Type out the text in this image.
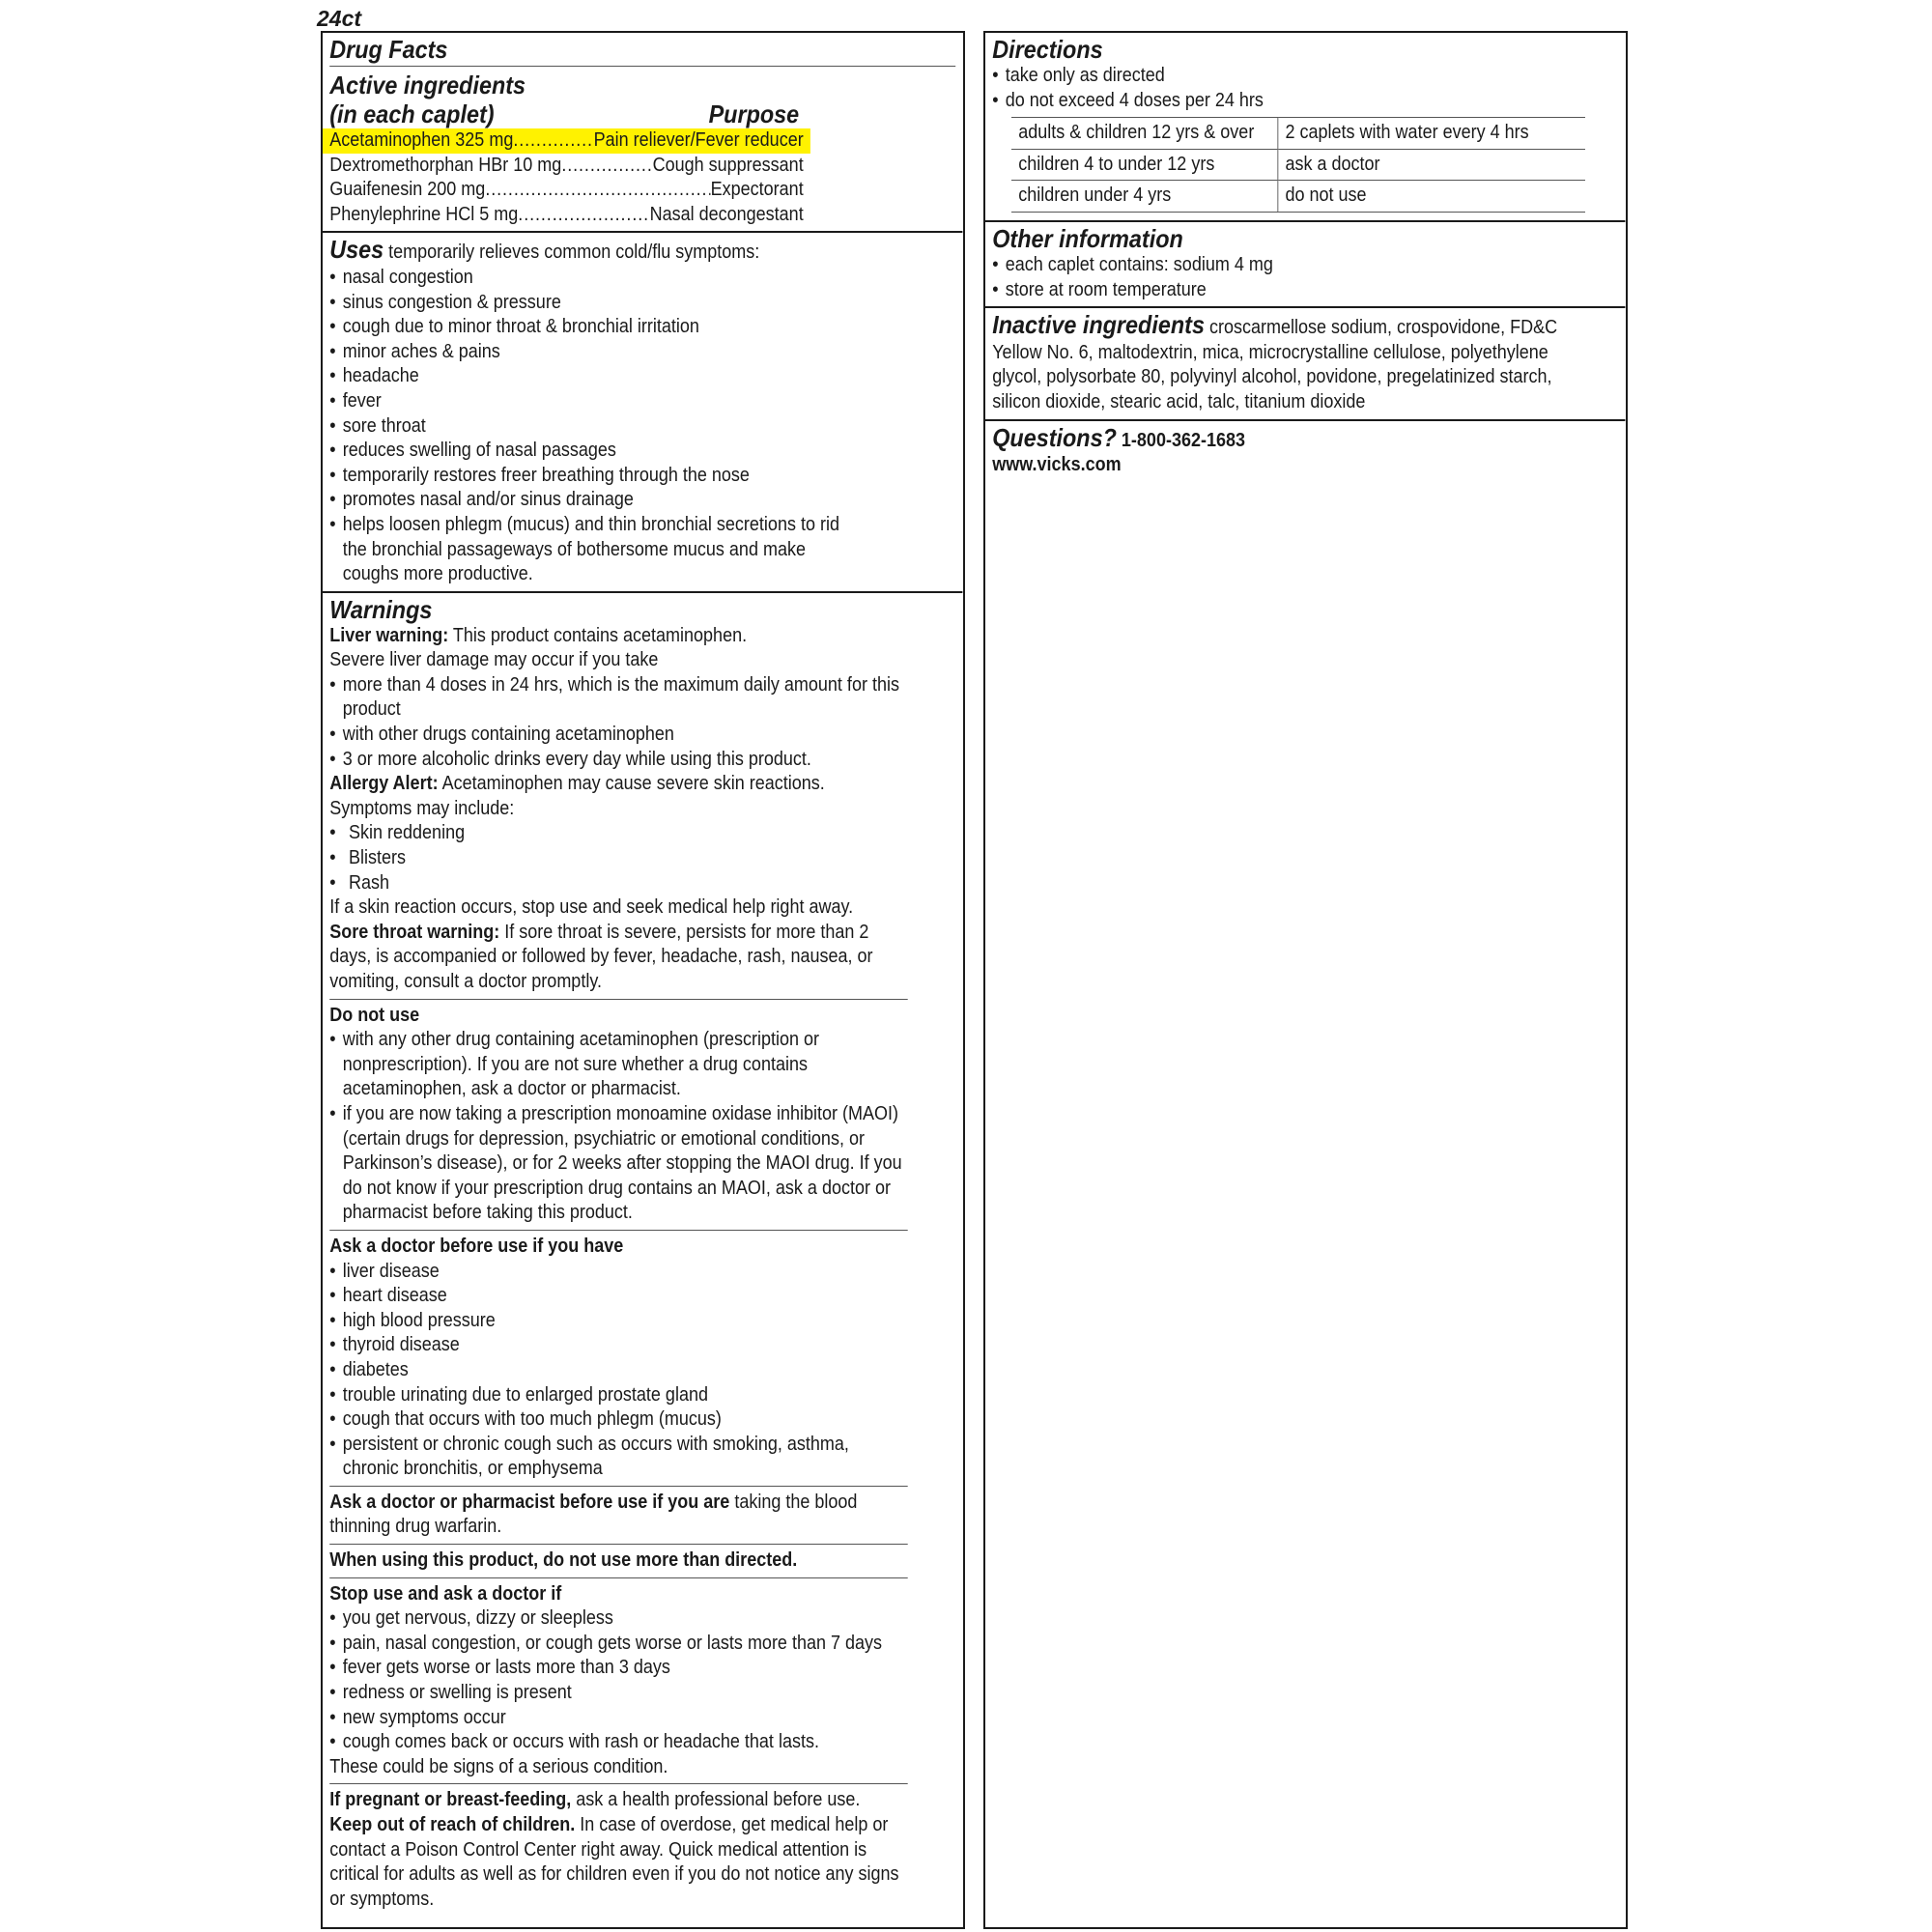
24ct
Drug Facts
Active ingredients
(in each caplet)	Purpose
Acetaminophen 325 mg .....	Pain reliever/Fever reducer
Dextromethorphan HBr 10 mg .....	Cough suppressant
Guaifenesin 200 mg .....	Expectorant
Phenylephrine HCl 5 mg .....	Nasal decongestant
Uses temporarily relieves common cold/flu symptoms:
• nasal congestion
• sinus congestion & pressure
• cough due to minor throat & bronchial irritation
• minor aches & pains
• headache
• fever
• sore throat
• reduces swelling of nasal passages
• temporarily restores freer breathing through the nose
• promotes nasal and/or sinus drainage
• helps loosen phlegm (mucus) and thin bronchial secretions to rid the bronchial passageways of bothersome mucus and make coughs more productive.
Warnings
Liver warning: This product contains acetaminophen.
Severe liver damage may occur if you take
• more than 4 doses in 24 hrs, which is the maximum daily amount for this product
• with other drugs containing acetaminophen
• 3 or more alcoholic drinks every day while using this product.
Allergy Alert: Acetaminophen may cause severe skin reactions.
Symptoms may include:
• Skin reddening
• Blisters
• Rash
If a skin reaction occurs, stop use and seek medical help right away.
Sore throat warning: If sore throat is severe, persists for more than 2 days, is accompanied or followed by fever, headache, rash, nausea, or vomiting, consult a doctor promptly.
Do not use
• with any other drug containing acetaminophen (prescription or nonprescription). If you are not sure whether a drug contains acetaminophen, ask a doctor or pharmacist.
• if you are now taking a prescription monoamine oxidase inhibitor (MAOI) (certain drugs for depression, psychiatric or emotional conditions, or Parkinson’s disease), or for 2 weeks after stopping the MAOI drug. If you do not know if your prescription drug contains an MAOI, ask a doctor or pharmacist before taking this product.
Ask a doctor before use if you have
• liver disease
• heart disease
• high blood pressure
• thyroid disease
• diabetes
• trouble urinating due to enlarged prostate gland
• cough that occurs with too much phlegm (mucus)
• persistent or chronic cough such as occurs with smoking, asthma, chronic bronchitis, or emphysema
Ask a doctor or pharmacist before use if you are taking the blood thinning drug warfarin.
When using this product, do not use more than directed.
Stop use and ask a doctor if
• you get nervous, dizzy or sleepless
• pain, nasal congestion, or cough gets worse or lasts more than 7 days
• fever gets worse or lasts more than 3 days
• redness or swelling is present
• new symptoms occur
• cough comes back or occurs with rash or headache that lasts.
These could be signs of a serious condition.
If pregnant or breast-feeding, ask a health professional before use.
Keep out of reach of children. In case of overdose, get medical help or contact a Poison Control Center right away. Quick medical attention is critical for adults as well as for children even if you do not notice any signs or symptoms.
Directions
• take only as directed
• do not exceed 4 doses per 24 hrs
adults & children 12 yrs & over	2 caplets with water every 4 hrs
children 4 to under 12 yrs	ask a doctor
children under 4 yrs	do not use
Other information
• each caplet contains: sodium 4 mg
• store at room temperature
Inactive ingredients croscarmellose sodium, crospovidone, FD&C Yellow No. 6, maltodextrin, mica, microcrystalline cellulose, polyethylene glycol, polysorbate 80, polyvinyl alcohol, povidone, pregelatinized starch, silicon dioxide, stearic acid, talc, titanium dioxide
Questions? 1-800-362-1683
www.vicks.com
